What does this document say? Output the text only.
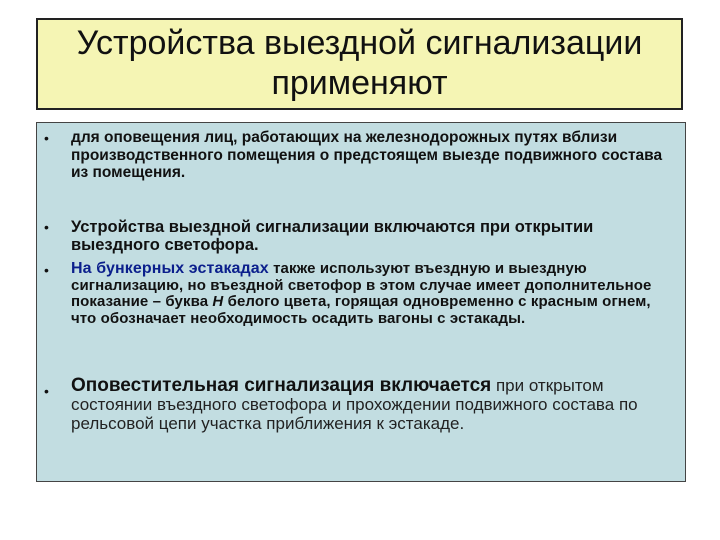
Устройства выездной сигнализации применяют
• для оповещения лиц, работающих на железнодорожных путях вблизи производственного помещения о предстоящем выезде подвижного состава из помещения.
• Устройства выездной сигнализации включаются при открытии выездного светофора.
• На бункерных эстакадах также используют въездную и выездную сигнализацию, но въездной светофор в этом случае имеет дополнительное показание – буква Н белого цвета, горящая одновременно с красным огнем, что обозначает необходимость осадить вагоны с эстакады.
• Оповестительная сигнализация включается при открытом состоянии въездного светофора и прохождении подвижного состава по рельсовой цепи участка приближения к эстакаде.
